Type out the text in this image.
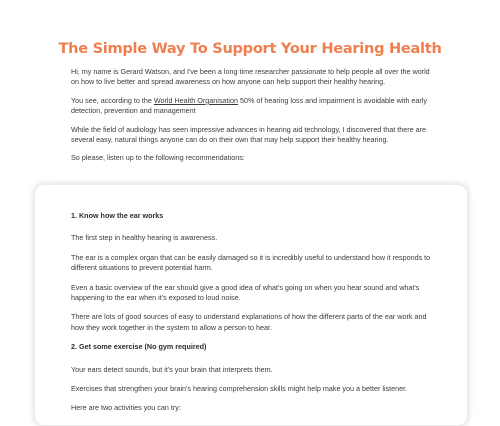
The Simple Way To Support Your Hearing Health

Hi, my name is Gerard Watson, and I've been a long time researcher passionate to help people all over the world on how to live better and spread awareness on how anyone can help support their healthy hearing.

You see, according to the World Health Organisation 50% of hearing loss and impairment is avoidable with early detection, prevention and management

While the field of audiology has seen impressive advances in hearing aid technology, I discovered that there are several easy, natural things anyone can do on their own that may help support their healthy hearing.

So please, listen up to the following recommendations:

1. Know how the ear works

The first step in healthy hearing is awareness.

The ear is a complex organ that can be easily damaged so it is incredibly useful to understand how it responds to different situations to prevent potential harm.

Even a basic overview of the ear should give a good idea of what's going on when you hear sound and what's happening to the ear when it's exposed to loud noise.

There are lots of good sources of easy to understand explanations of how the different parts of the ear work and how they work together in the system to allow a person to hear.

2. Get some exercise (No gym required)

Your ears detect sounds, but it's your brain that interprets them.

Exercises that strengthen your brain's hearing comprehension skills might help make you a better listener.

Here are two activities you can try:
